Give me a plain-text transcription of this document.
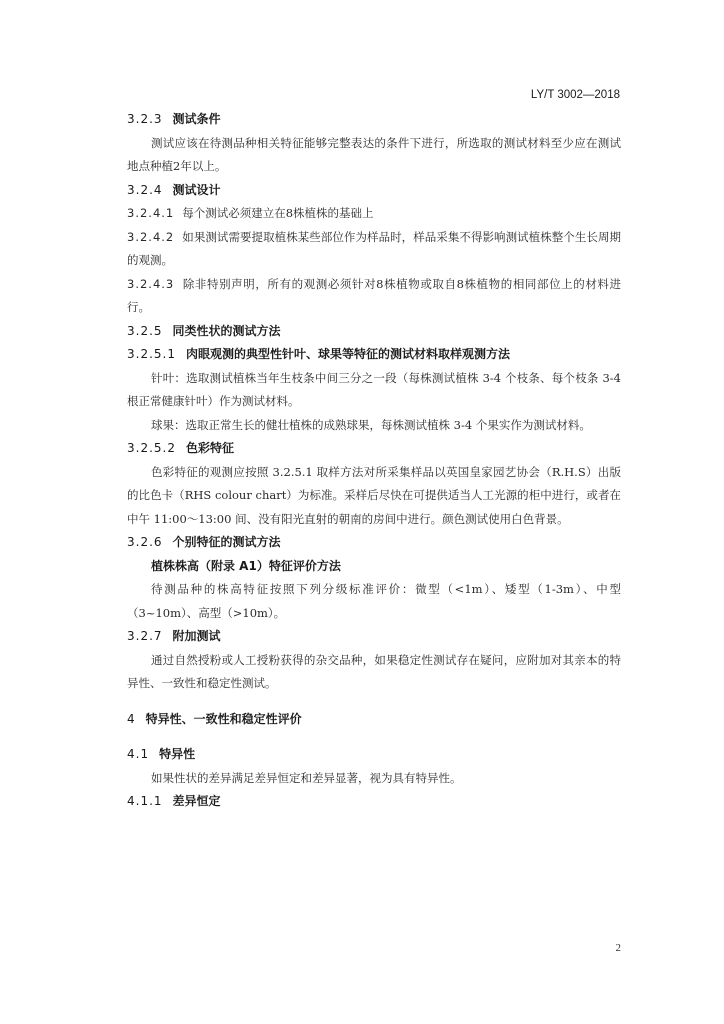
LY/T 3002—2018
3.2.3 测试条件
测试应该在待测品种相关特征能够完整表达的条件下进行，所选取的测试材料至少应在测试地点种植2年以上。
3.2.4 测试设计
3.2.4.1 每个测试必须建立在8株植株的基础上
3.2.4.2 如果测试需要提取植株某些部位作为样品时，样品采集不得影响测试植株整个生长周期的观测。
3.2.4.3 除非特别声明，所有的观测必须针对8株植物或取自8株植物的相同部位上的材料进行。
3.2.5 同类性状的测试方法
3.2.5.1 肉眼观测的典型性针叶、球果等特征的测试材料取样观测方法
针叶：选取测试植株当年生枝条中间三分之一段（每株测试植株 3-4 个枝条、每个枝条 3-4 根正常健康针叶）作为测试材料。
球果：选取正常生长的健壮植株的成熟球果，每株测试植株 3-4 个果实作为测试材料。
3.2.5.2 色彩特征
色彩特征的观测应按照 3.2.5.1 取样方法对所采集样品以英国皇家园艺协会（R.H.S）出版的比色卡（RHS colour chart）为标准。采样后尽快在可提供适当人工光源的柜中进行，或者在中午 11:00～13:00 间、没有阳光直射的朝南的房间中进行。颜色测试使用白色背景。
3.2.6 个别特征的测试方法
植株株高（附录 A1）特征评价方法
待测品种的株高特征按照下列分级标准评价：微型（<1m）、矮型（1-3m）、中型（3~10m）、高型（>10m）。
3.2.7 附加测试
通过自然授粉或人工授粉获得的杂交品种，如果稳定性测试存在疑问，应附加对其亲本的特异性、一致性和稳定性测试。
4 特异性、一致性和稳定性评价
4.1 特异性
如果性状的差异满足差异恒定和差异显著，视为具有特异性。
4.1.1 差异恒定
2
